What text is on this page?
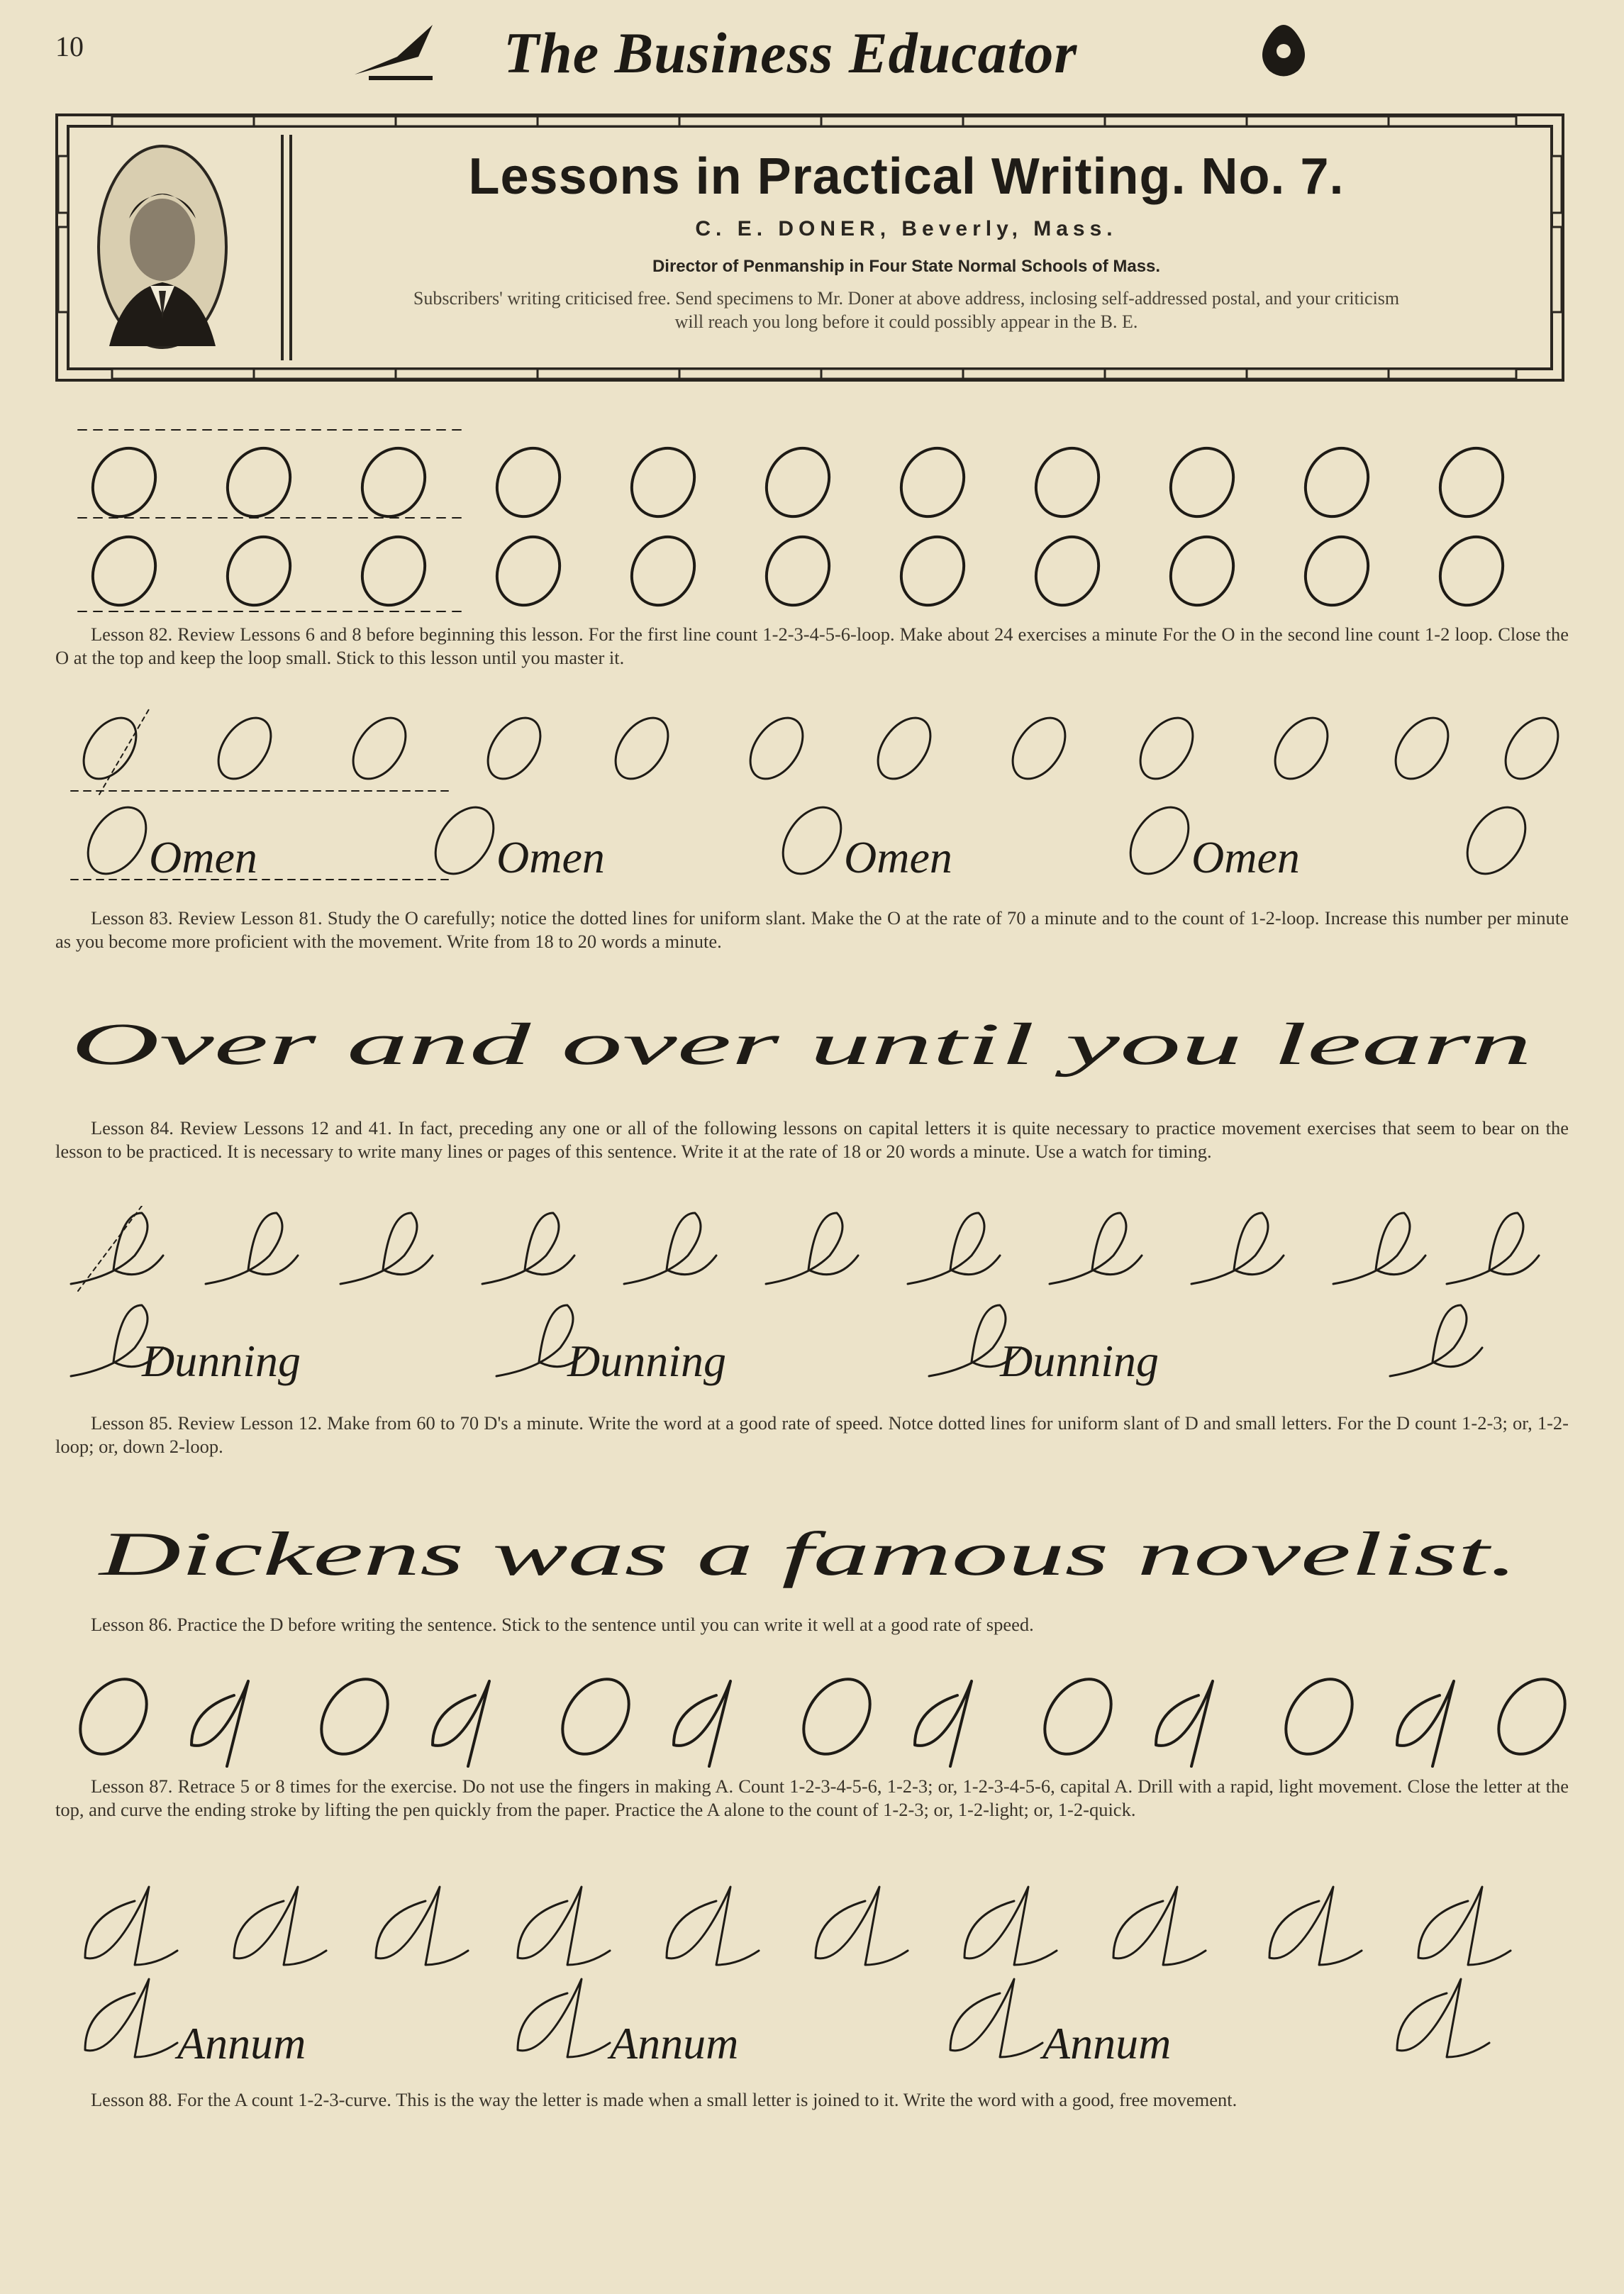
10	The Business Educator
Lessons in Practical Writing. No. 7.
C. E. DONER, Beverly, Mass.
Director of Penmanship in Four State Normal Schools of Mass.
Subscribers' writing criticised free. Send specimens to Mr. Doner at above address, inclosing self-addressed postal, and your criticism will reach you long before it could possibly appear in the B. E.
Lesson 82. Review Lessons 6 and 8 before beginning this lesson. For the first line count 1-2-3-4-5-6-loop. Make about 24 exercises a minute For the O in the second line count 1-2 loop. Close the O at the top and keep the loop small. Stick to this lesson until you master it.
Omen	Omen	Omen	Omen
Lesson 83. Review Lesson 81. Study the O carefully; notice the dotted lines for uniform slant. Make the O at the rate of 70 a minute and to the count of 1-2-loop. Increase this number per minute as you become more proficient with the movement. Write from 18 to 20 words a minute.
Over and over until you learn
Lesson 84. Review Lessons 12 and 41. In fact, preceding any one or all of the following lessons on capital letters it is quite necessary to practice movement exercises that seem to bear on the lesson to be practiced. It is necessary to write many lines or pages of this sentence. Write it at the rate of 18 or 20 words a minute. Use a watch for timing.
Dunning	Dunning	Dunning
Lesson 85. Review Lesson 12. Make from 60 to 70 D's a minute. Write the word at a good rate of speed. Notce dotted lines for uniform slant of D and small letters. For the D count 1-2-3; or, 1-2-loop; or, down 2-loop.
Dickens was a famous novelist.
Lesson 86. Practice the D before writing the sentence. Stick to the sentence until you can write it well at a good rate of speed.
Lesson 87. Retrace 5 or 8 times for the exercise. Do not use the fingers in making A. Count 1-2-3-4-5-6, 1-2-3; or, 1-2-3-4-5-6, capital A. Drill with a rapid, light movement. Close the letter at the top, and curve the ending stroke by lifting the pen quickly from the paper. Practice the A alone to the count of 1-2-3; or, 1-2-light; or, 1-2-quick.
Annum	Annum	Annum
Lesson 88. For the A count 1-2-3-curve. This is the way the letter is made when a small letter is joined to it. Write the word with a good, free movement.
